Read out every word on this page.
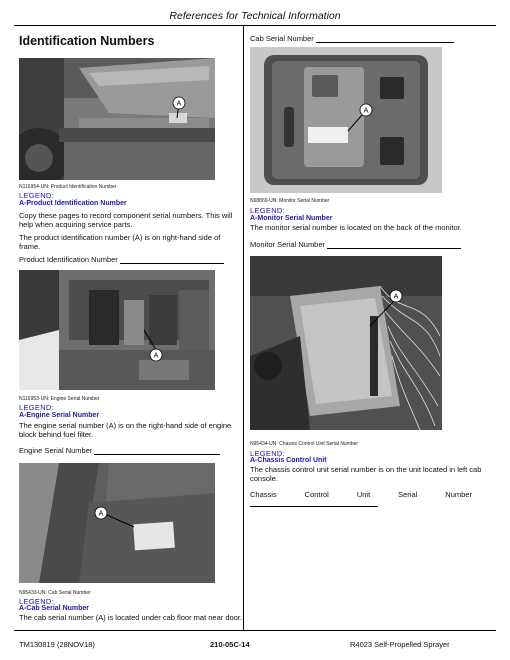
References for Technical Information
Identification Numbers
A
N116954-UN: Product Identification Number
LEGEND:
A-Product Identification Number
Copy these pages to record component serial numbers. This will help when acquiring service parts.
The product identification number (A) is on right-hand side of frame.
Product Identification Number
A
N116953-UN: Engine Serial Number
LEGEND:
A-Engine Serial Number
The engine serial number (A) is on the right-hand side of engine block behind fuel filter.
Engine Serial Number
A
N95433-UN: Cab Serial Number
LEGEND:
A-Cab Serial Number
The cab serial number (A) is located under cab floor mat near door.
Cab Serial Number
A
N98869-UN: Monitor Serial Number
LEGEND:
A-Monitor Serial Number
The monitor serial number is located on the back of the monitor.
Monitor Serial Number
A
N95434-UN: Chassis Control Unit Serial Number
LEGEND:
A-Chassis Control Unit
The chassis control unit serial number is on the unit located in left cab console.
Chassis	Control	Unit	Serial	Number
TM130819 (28NOV18)	210-05C-14	R4023 Self-Propelled Sprayer
